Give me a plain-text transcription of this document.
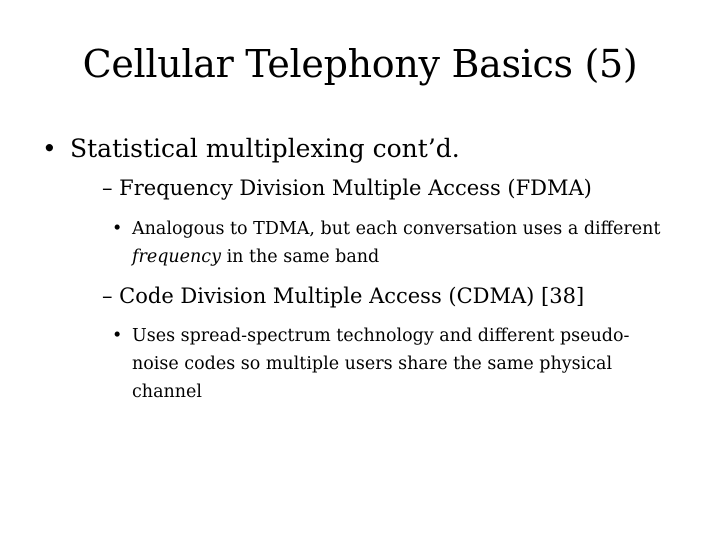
Cellular Telephony Basics (5)

• Statistical multiplexing cont’d.

– Frequency Division Multiple Access (FDMA)

• Analogous to TDMA, but each conversation uses a different frequency in the same band

– Code Division Multiple Access (CDMA) [38]

• Uses spread-spectrum technology and different pseudo-noise codes so multiple users share the same physical channel
